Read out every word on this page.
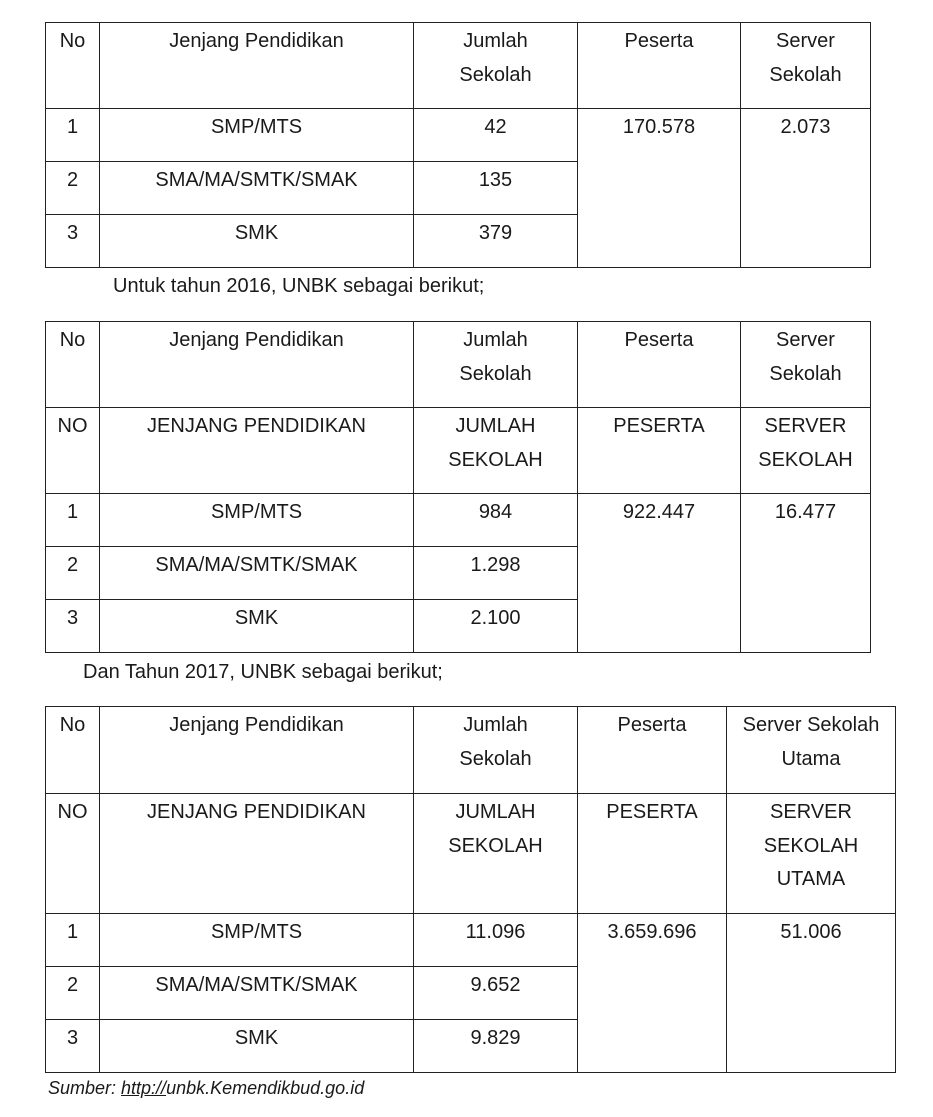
No	Jenjang Pendidikan	Jumlah Sekolah	Peserta	Server Sekolah

1	SMP/MTS	42	170.578	2.073

2	SMA/MA/SMTK/SMAK	135		

3	SMK	379		
Untuk tahun 2016, UNBK sebagai berikut;
No	Jenjang Pendidikan	Jumlah Sekolah	Peserta	Server Sekolah

NO	JENJANG PENDIDIKAN	JUMLAH SEKOLAH	PESERTA	SERVER SEKOLAH

1	SMP/MTS	984	922.447	16.477

2	SMA/MA/SMTK/SMAK	1.298		

3	SMK	2.100		
Dan Tahun 2017, UNBK sebagai berikut;
No	Jenjang Pendidikan	Jumlah Sekolah	Peserta	Server Sekolah Utama

NO	JENJANG PENDIDIKAN	JUMLAH SEKOLAH	PESERTA	SERVER SEKOLAH UTAMA

1	SMP/MTS	11.096	3.659.696	51.006

2	SMA/MA/SMTK/SMAK	9.652		

3	SMK	9.829		
Sumber: http://unbk.Kemendikbud.go.id
